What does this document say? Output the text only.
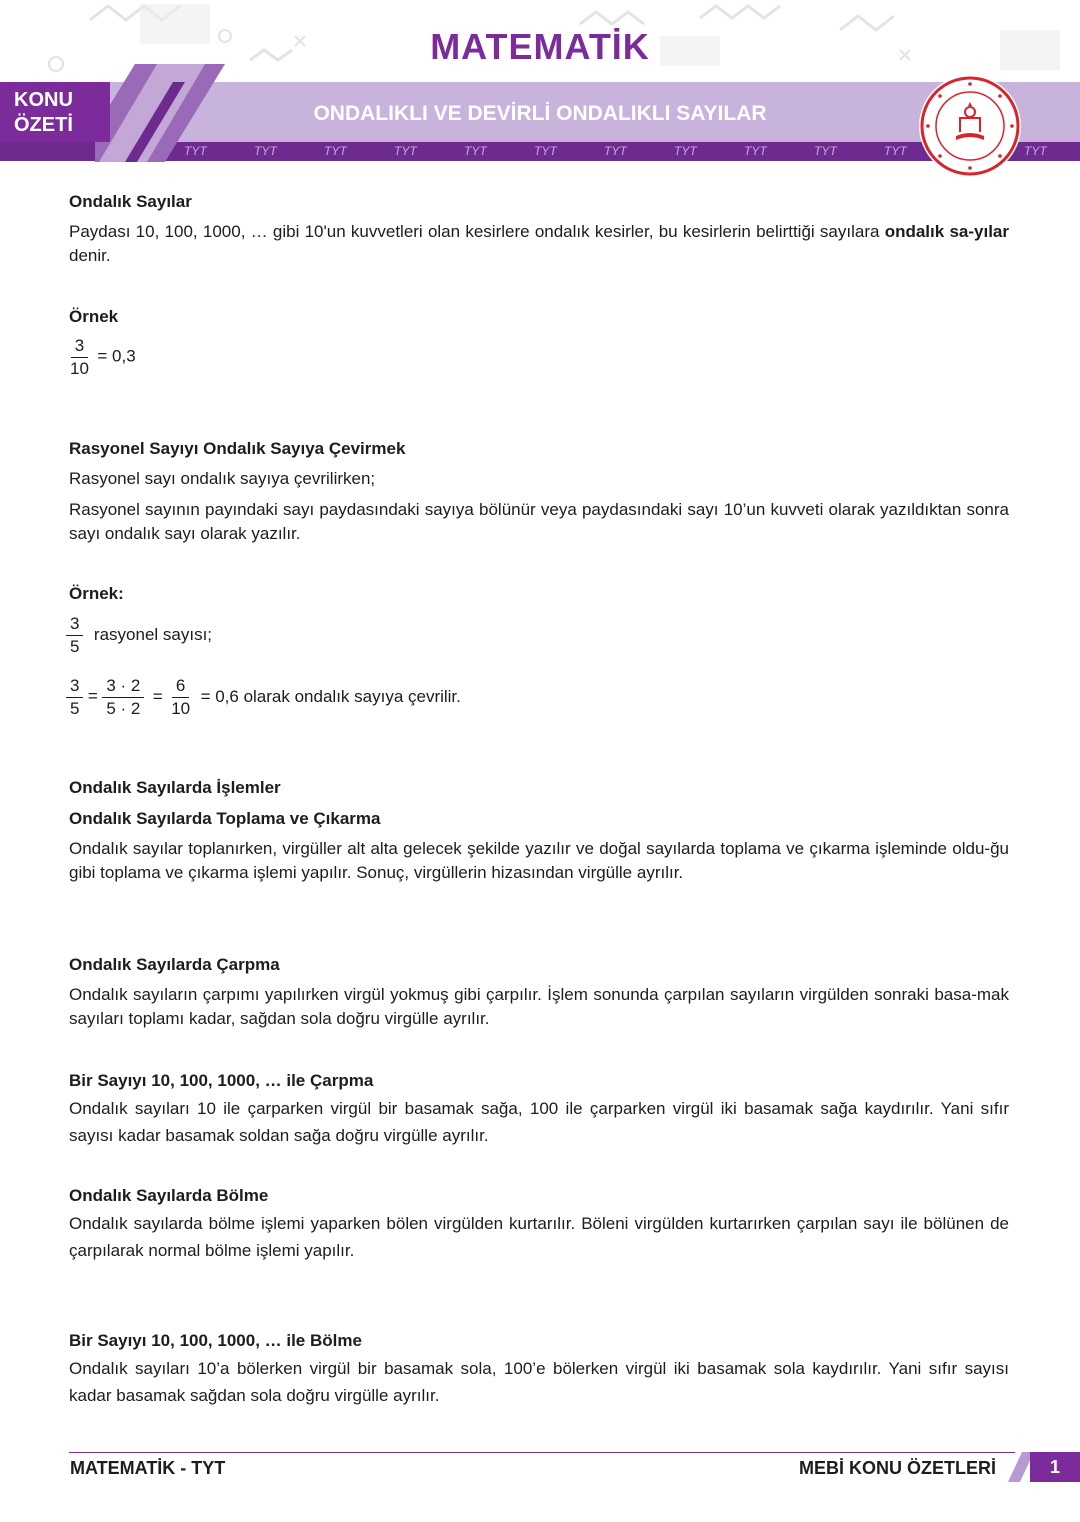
MATEMATİK
KONU
ÖZETİ	ONDALIKLI VE DEVİRLİ ONDALIKLI SAYILAR
TYT	TYT	TYT	TYT	TYT	TYT	TYT	TYT	TYT	TYT	TYT	TYT
Ondalık Sayılar

Paydası 10, 100, 1000, … gibi 10'un kuvvetleri olan kesirlere ondalık kesirler, bu kesirlerin belirttiği sayılara ondalık sa-yılar denir.

Örnek
$\frac{3}{10} = 0,3$
Rasyonel Sayıyı Ondalık Sayıya Çevirmek

Rasyonel sayı ondalık sayıya çevrilirken;

Rasyonel sayının payındaki sayı paydasındaki sayıya bölünür veya paydasındaki sayı 10’un kuvveti olarak yazıldıktan sonra sayı ondalık sayı olarak yazılır.

Örnek:
$\frac{3}{5}$ rasyonel sayısı;
$\frac{3}{5} = \frac{3 \cdot 2}{5 \cdot 2} = \frac{6}{10} = 0,6$ olarak ondalık sayıya çevrilir.
Ondalık Sayılarda İşlemler
Ondalık Sayılarda Toplama ve Çıkarma

Ondalık sayılar toplanırken, virgüller alt alta gelecek şekilde yazılır ve doğal sayılarda toplama ve çıkarma işleminde oldu-ğu gibi toplama ve çıkarma işlemi yapılır. Sonuç, virgüllerin hizasından virgülle ayrılır.

Ondalık Sayılarda Çarpma

Ondalık sayıların çarpımı yapılırken virgül yokmuş gibi çarpılır. İşlem sonunda çarpılan sayıların virgülden sonraki basa-mak sayıları toplamı kadar, sağdan sola doğru virgülle ayrılır.

Bir Sayıyı 10, 100, 1000, … ile Çarpma

Ondalık sayıları 10 ile çarparken virgül bir basamak sağa, 100 ile çarparken virgül iki basamak sağa kaydırılır. Yani sıfır sayısı kadar basamak soldan sağa doğru virgülle ayrılır.

Ondalık Sayılarda Bölme

Ondalık sayılarda bölme işlemi yaparken bölen virgülden kurtarılır. Böleni virgülden kurtarırken çarpılan sayı ile bölünen de çarpılarak normal bölme işlemi yapılır.

Bir Sayıyı 10, 100, 1000, … ile Bölme

Ondalık sayıları 10’a bölerken virgül bir basamak sola, 100’e bölerken virgül iki basamak sola kaydırılır. Yani sıfır sayısı kadar basamak sağdan sola doğru virgülle ayrılır.

MATEMATİK - TYT	MEBİ KONU ÖZETLERİ	1
